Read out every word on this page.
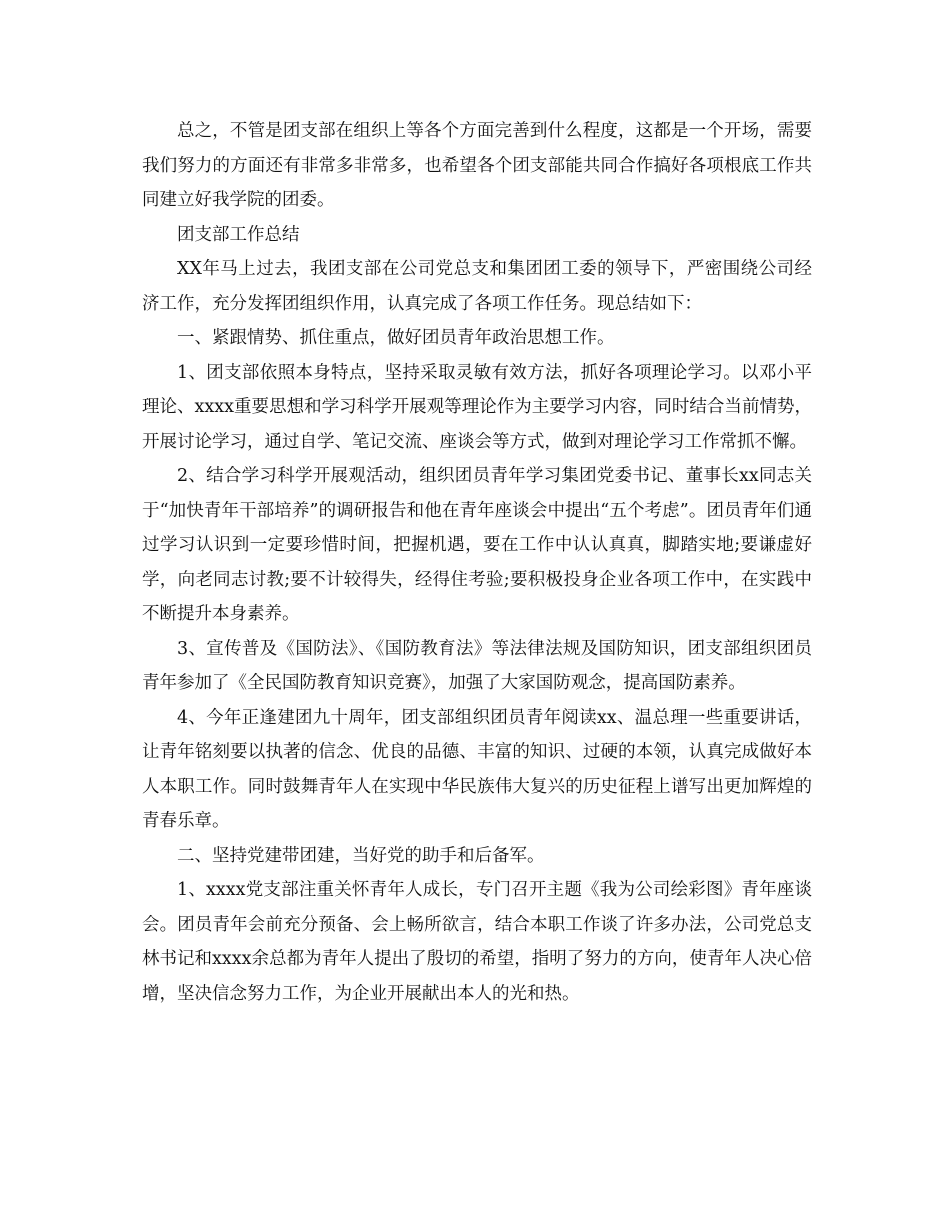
总之，不管是团支部在组织上等各个方面完善到什么程度，这都是一个开场，需要我们努力的方面还有非常多非常多，也希望各个团支部能共同合作搞好各项根底工作共同建立好我学院的团委。

团支部工作总结

XX年马上过去，我团支部在公司党总支和集团团工委的领导下，严密围绕公司经济工作，充分发挥团组织作用，认真完成了各项工作任务。现总结如下：

一、紧跟情势、抓住重点，做好团员青年政治思想工作。

1、团支部依照本身特点，坚持采取灵敏有效方法，抓好各项理论学习。以邓小平理论、xxxx重要思想和学习科学开展观等理论作为主要学习内容，同时结合当前情势，开展讨论学习，通过自学、笔记交流、座谈会等方式，做到对理论学习工作常抓不懈。

2、结合学习科学开展观活动，组织团员青年学习集团党委书记、董事长xx同志关于“加快青年干部培养”的调研报告和他在青年座谈会中提出“五个考虑”。团员青年们通过学习认识到一定要珍惜时间，把握机遇，要在工作中认认真真，脚踏实地;要谦虚好学，向老同志讨教;要不计较得失，经得住考验;要积极投身企业各项工作中，在实践中不断提升本身素养。

3、宣传普及《国防法》、《国防教育法》等法律法规及国防知识，团支部组织团员青年参加了《全民国防教育知识竞赛》，加强了大家国防观念，提高国防素养。

4、今年正逢建团九十周年，团支部组织团员青年阅读xx、温总理一些重要讲话，让青年铭刻要以执著的信念、优良的品德、丰富的知识、过硬的本领，认真完成做好本人本职工作。同时鼓舞青年人在实现中华民族伟大复兴的历史征程上谱写出更加辉煌的青春乐章。

二、坚持党建带团建，当好党的助手和后备军。

1、xxxx党支部注重关怀青年人成长，专门召开主题《我为公司绘彩图》青年座谈会。团员青年会前充分预备、会上畅所欲言，结合本职工作谈了许多办法，公司党总支林书记和xxxx余总都为青年人提出了殷切的希望，指明了努力的方向，使青年人决心倍增，坚决信念努力工作，为企业开展献出本人的光和热。
